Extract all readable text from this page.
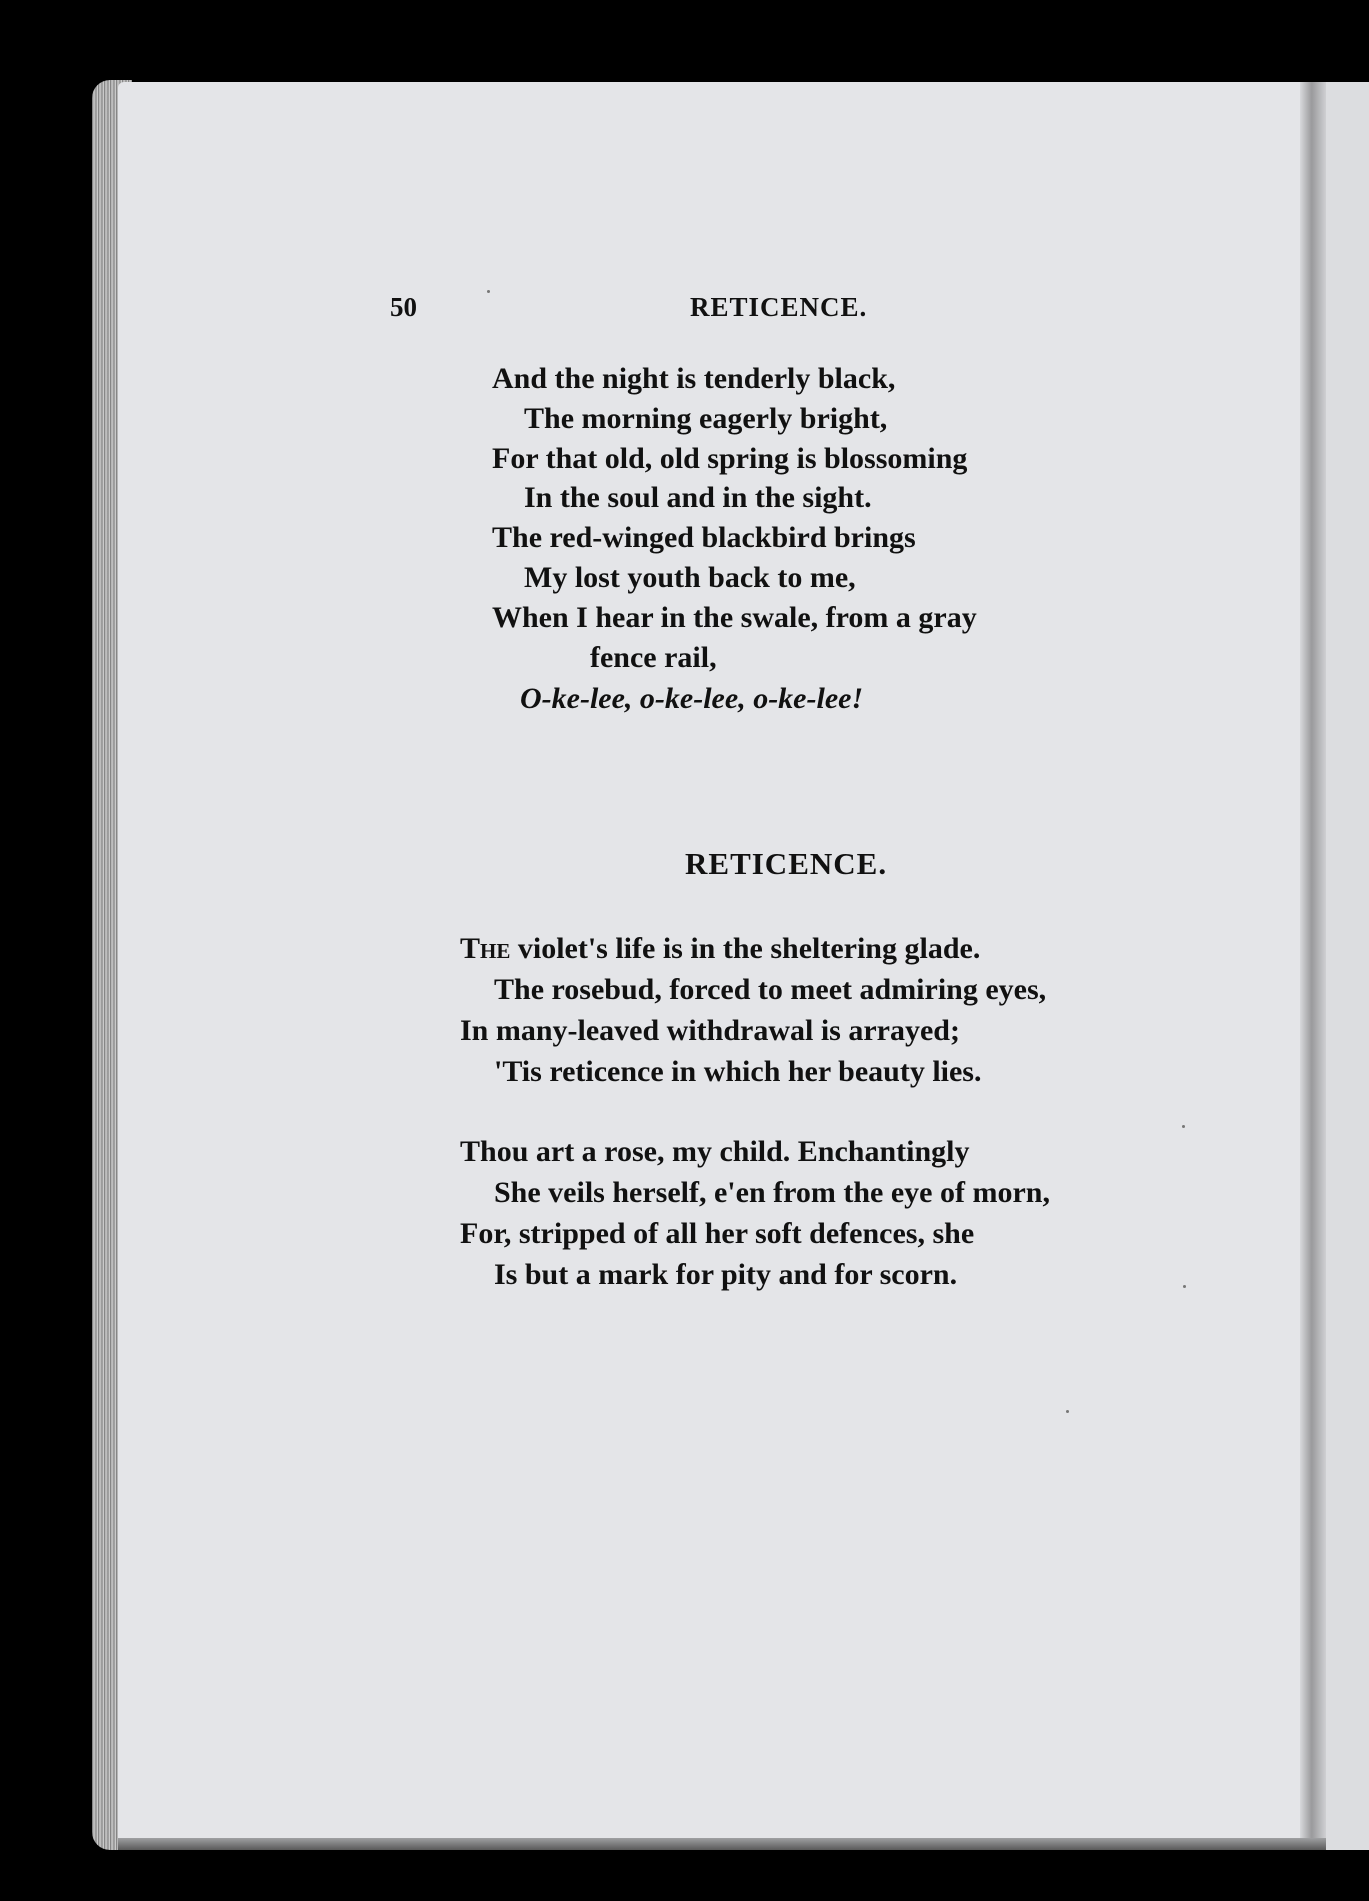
50	RETICENCE.
And the night is tenderly black,
The morning eagerly bright,
For that old, old spring is blossoming
In the soul and in the sight.
The red-winged blackbird brings
My lost youth back to me,
When I hear in the swale, from a gray
fence rail,
O-ke-lee, o-ke-lee, o-ke-lee!
RETICENCE.
The violet's life is in the sheltering glade.
The rosebud, forced to meet admiring eyes,
In many-leaved withdrawal is arrayed;
'Tis reticence in which her beauty lies.
Thou art a rose, my child. Enchantingly
She veils herself, e'en from the eye of morn,
For, stripped of all her soft defences, she
Is but a mark for pity and for scorn.
